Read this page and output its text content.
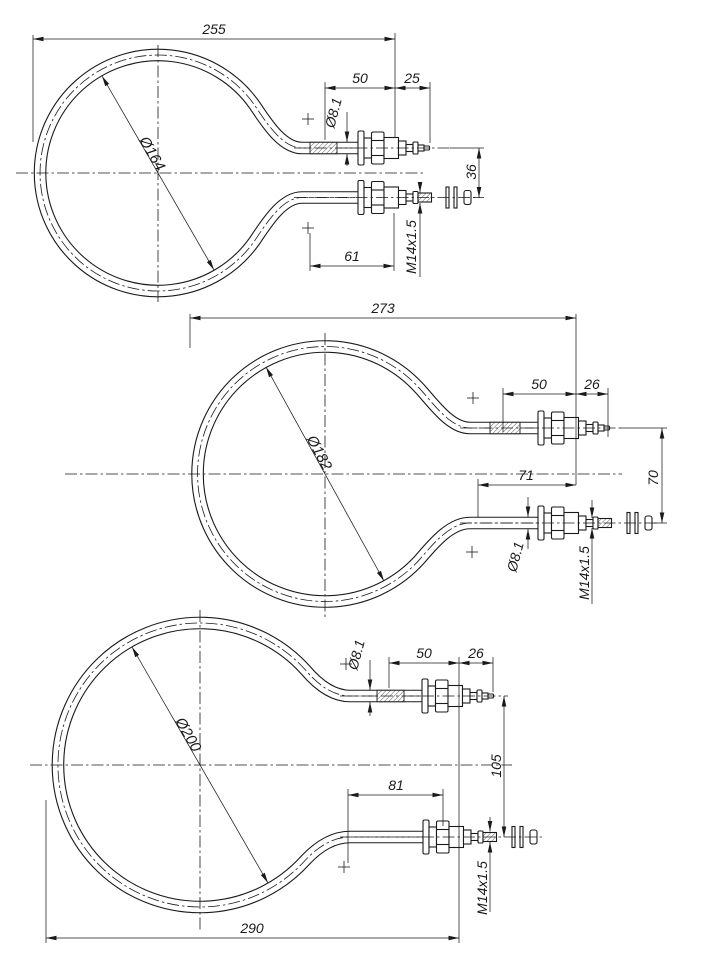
255
50	25
Ø8.1
36
61	M14x1.5
Ø164
273
50	26
70
71
Ø8.1	M14x1.5
Ø182
50	26
Ø8.1
105
81
290
M14x1.5
Ø200
